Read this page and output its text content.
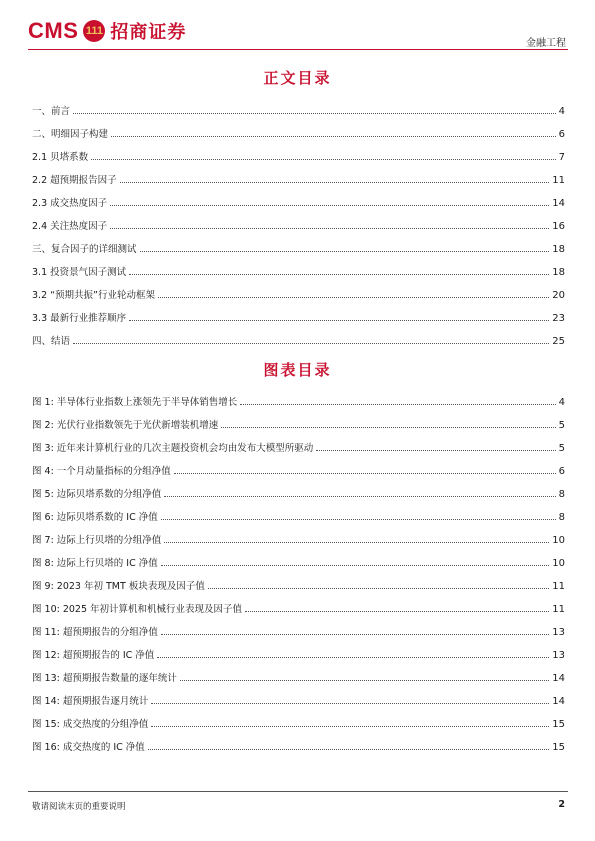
CMS 111 招商证券
金融工程
正文目录
一、前言	4
二、明细因子构建	6
2.1 贝塔系数	7
2.2 超预期报告因子	11
2.3 成交热度因子	14
2.4 关注热度因子	16
三、复合因子的详细测试	18
3.1 投资景气因子测试	18
3.2 “预期共振”行业轮动框架	20
3.3 最新行业推荐顺序	23
四、结语	25
图表目录
图 1: 半导体行业指数上涨领先于半导体销售增长	4
图 2: 光伏行业指数领先于光伏新增装机增速	5
图 3: 近年来计算机行业的几次主题投资机会均由发布大模型所驱动	5
图 4: 一个月动量指标的分组净值	6
图 5: 边际贝塔系数的分组净值	8
图 6: 边际贝塔系数的 IC 净值	8
图 7: 边际上行贝塔的分组净值	10
图 8: 边际上行贝塔的 IC 净值	10
图 9: 2023 年初 TMT 板块表现及因子值	11
图 10: 2025 年初计算机和机械行业表现及因子值	11
图 11: 超预期报告的分组净值	13
图 12: 超预期报告的 IC 净值	13
图 13: 超预期报告数量的逐年统计	14
图 14: 超预期报告逐月统计	14
图 15: 成交热度的分组净值	15
图 16: 成交热度的 IC 净值	15
敬请阅读末页的重要说明	2
